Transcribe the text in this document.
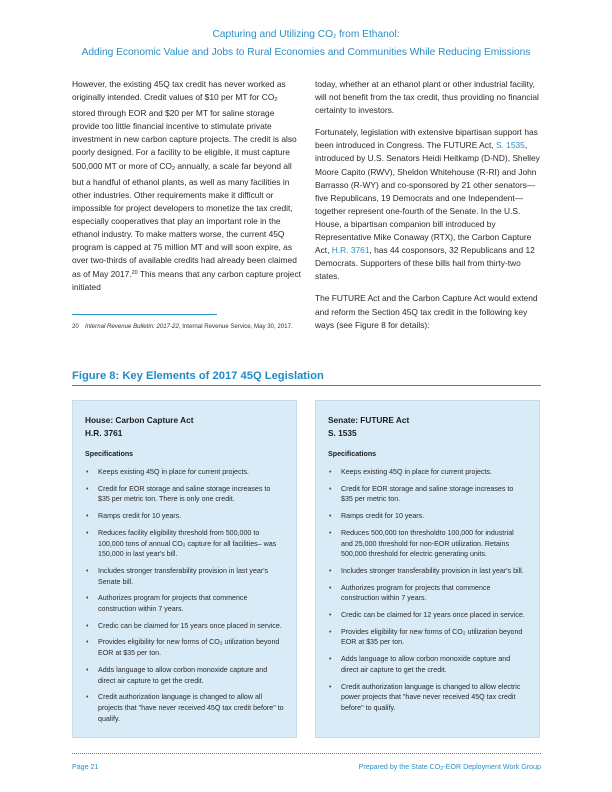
Capturing and Utilizing $CO_2$ from Ethanol:
Adding Economic Value and Jobs to Rural Economies and Communities While Reducing Emissions

However, the existing 45Q tax credit has never worked as originally intended. Credit values of $10 per MT for $CO_2$ stored through EOR and $20 per MT for saline storage provide too little financial incentive to stimulate private investment in new carbon capture projects. The credit is also poorly designed. For a facility to be eligible, it must capture 500,000 MT or more of $CO_2$ annually, a scale far beyond all but a handful of ethanol plants, as well as many facilities in other industries. Other requirements make it difficult or impossible for project developers to monetize the tax credit, especially cooperatives that play an important role in the ethanol industry. To make matters worse, the current 45Q program is capped at 75 million MT and will soon expire, as over two-thirds of available credits had already been claimed as of May 2017.20 This means that any carbon capture project initiated

20	Internal Revenue Bulletin: 2017-22, Internal Revenue Service, May 30, 2017.

today, whether at an ethanol plant or other industrial facility, will not benefit from the tax credit, thus providing no financial certainty to investors.

Fortunately, legislation with extensive bipartisan support has been introduced in Congress. The FUTURE Act, S. 1535, introduced by U.S. Senators Heidi Heitkamp (D-ND), Shelley Moore Capito (RWV), Sheldon Whitehouse (R-RI) and John Barrasso (R-WY) and co-sponsored by 21 other senators—five Republicans, 19 Democrats and one Independent—together represent one-fourth of the Senate. In the U.S. House, a bipartisan companion bill introduced by Representative Mike Conaway (RTX), the Carbon Capture Act, H.R. 3761, has 44 cosponsors, 32 Republicans and 12 Democrats. Supporters of these bills hail from thirty-two states.

The FUTURE Act and the Carbon Capture Act would extend and reform the Section 45Q tax credit in the following key ways (see Figure 8 for details):

Figure 8: Key Elements of 2017 45Q Legislation
House: Carbon Capture Act
H.R. 3761
Specifications
• Keeps existing 45Q in place for current projects.
• Credit for EOR storage and saline storage increases to $35 per metric ton. There is only one credit.
• Ramps credit for 10 years.
• Reduces facility eligibility threshold from 500,000 to 100,000 tons of annual CO₂ capture for all facilities– was 150,000 in last year's bill.
• Includes stronger transferability provision in last year's Senate bill.
• Authorizes program for projects that commence construction within 7 years.
• Credic can be claimed for 15 years once placed in service.
• Provides eligibility for new forms of CO₂ utilization beyond EOR at $35 per ton.
• Adds language to allow corbon monoxide capture and direct air capture to get the credit.
• Credit authorization language is changed to allow all projects that "have never received 45Q tax credit before" to qualify.
Senate: FUTURE Act
S. 1535
Specifications
• Keeps existing 45Q in place for current projects.
• Credit for EOR storage and saline storage increases to $35 per metric ton.
• Ramps credit for 10 years.
• Reduces 500,000 ton thresholdto 100,000 for industrial and 25,000 threshold for non-EOR utilization. Retains 500,000 threshold for electric generating units.
• Includes stronger transferability provision in last year's bill.
• Authorizes program for projects that commence construction within 7 years.
• Credic can be claimed for 12 years once placed in service.
• Provides eligibility for new forms of CO₂ utilization beyond EOR at $35 per ton.
• Adds language to allow corbon monoxide capture and direct air capture to get the credit.
• Credit authorization language is changed to allow electric power projects that "have never received 45Q tax credit before" to qualify.
Page 21	Prepared by the State $CO_2$-EOR Deployment Work Group
